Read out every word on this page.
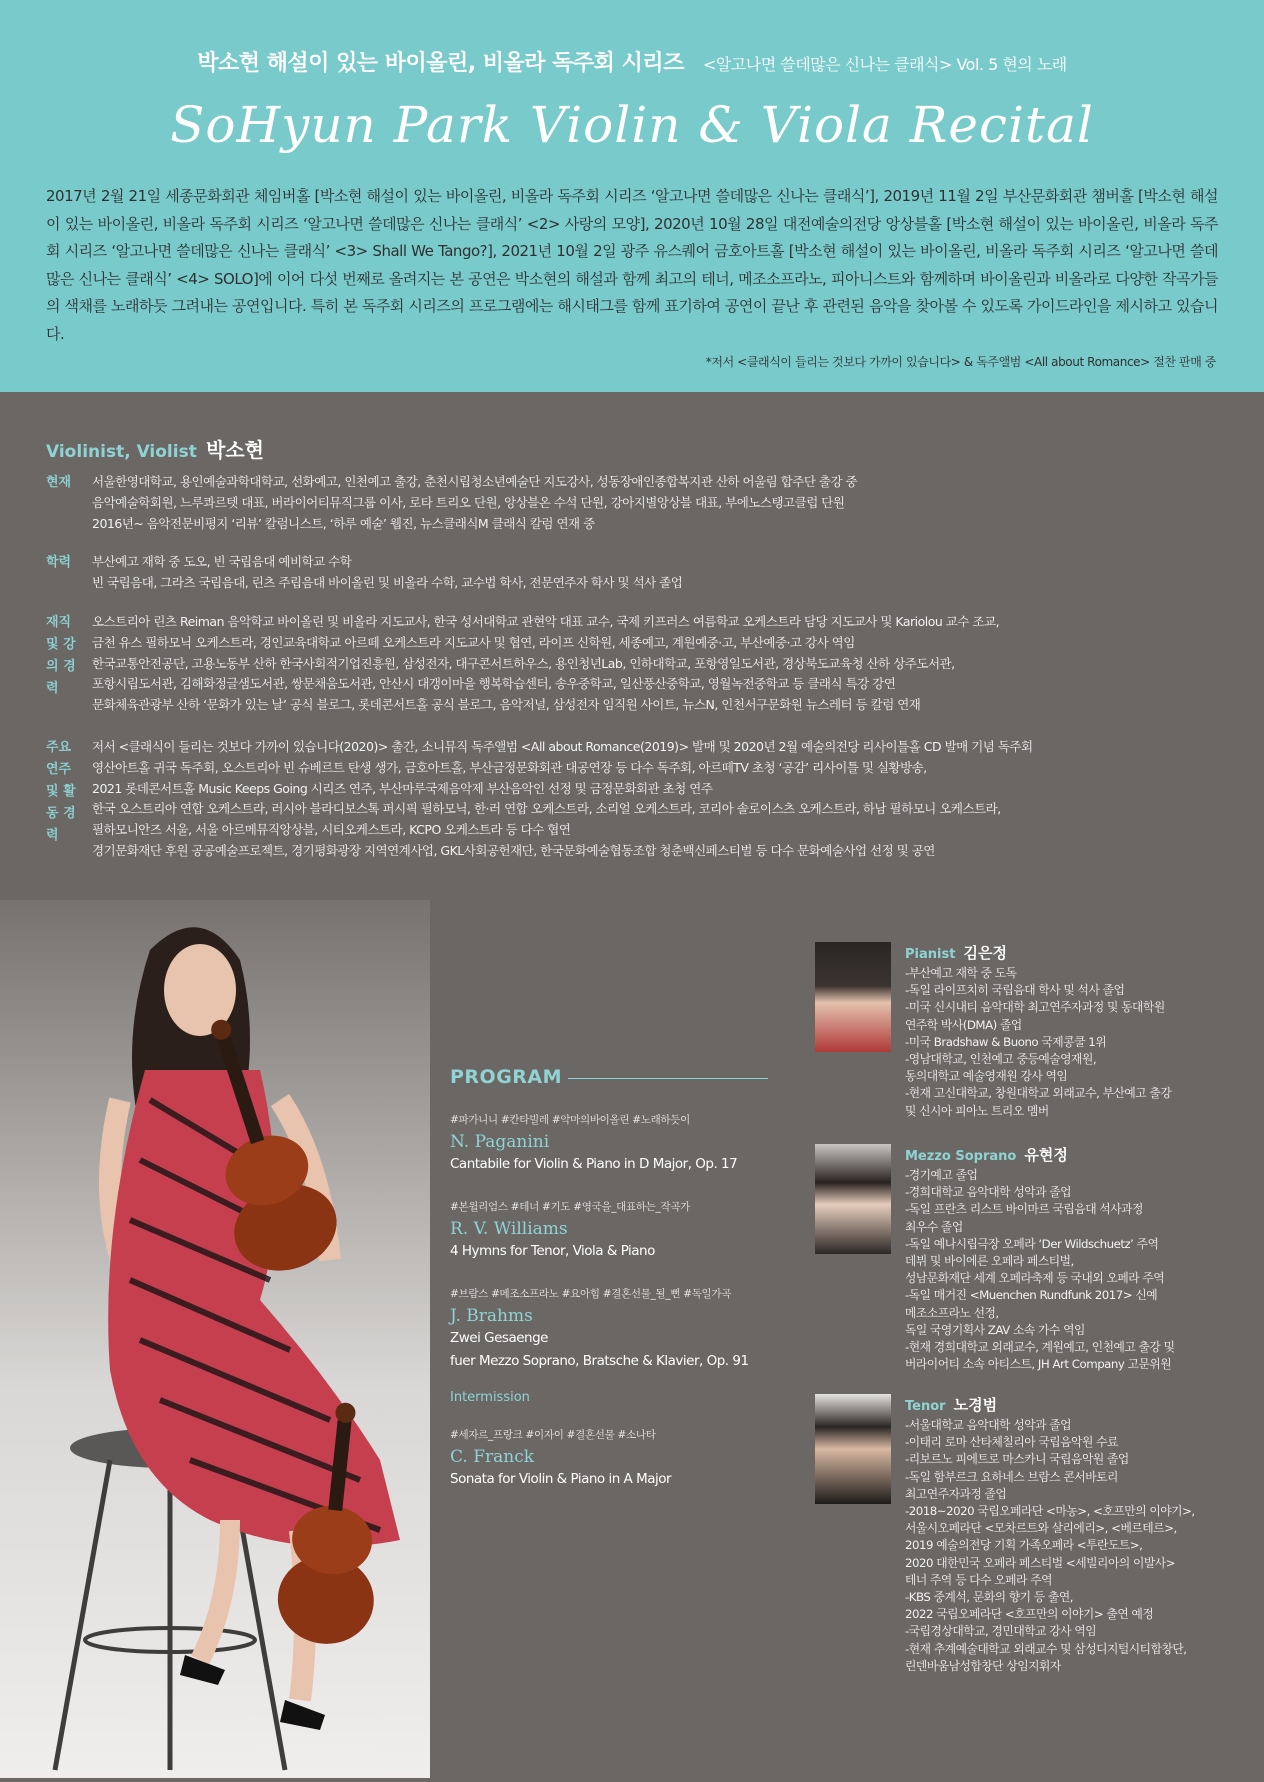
박소현 해설이 있는 바이올린, 비올라 독주회 시리즈 <알고나면 쓸데많은 신나는 클래식> Vol. 5 현의 노래
SoHyun Park Violin & Viola Recital
2017년 2월 21일 세종문화회관 체임버홀 [박소현 해설이 있는 바이올린, 비올라 독주회 시리즈 ‘알고나면 쓸데많은 신나는 클래식’], 2019년 11월 2일 부산문화회관 챔버홀 [박소현 해설이 있는 바이올린, 비올라 독주회 시리즈 ‘알고나면 쓸데많은 신나는 클래식’ <2> 사랑의 모양], 2020년 10월 28일 대전예술의전당 앙상블홀 [박소현 해설이 있는 바이올린, 비올라 독주회 시리즈 ‘알고나면 쓸데많은 신나는 클래식’ <3> Shall We Tango?], 2021년 10월 2일 광주 유스퀘어 금호아트홀 [박소현 해설이 있는 바이올린, 비올라 독주회 시리즈 ‘알고나면 쓸데많은 신나는 클래식’ <4> SOLO]에 이어 다섯 번째로 올려지는 본 공연은 박소현의 해설과 함께 최고의 테너, 메조소프라노, 피아니스트와 함께하며 바이올린과 비올라로 다양한 작곡가들의 색채를 노래하듯 그려내는 공연입니다. 특히 본 독주회 시리즈의 프로그램에는 해시태그를 함께 표기하여 공연이 끝난 후 관련된 음악을 찾아볼 수 있도록 가이드라인을 제시하고 있습니다.
*저서 <클래식이 들리는 것보다 가까이 있습니다> & 독주앨범 <All about Romance> 절찬 판매 중
Violinist, Violist 박소현
현재	서울한영대학교, 용인예술과학대학교, 선화예고, 인천예고 출강, 춘천시립청소년예술단 지도강사, 성동장애인종합복지관 산하 어울림 합주단 출강 중
음악예술학회원, 느루콰르텟 대표, 버라이어티뮤직그룹 이사, 로타 트리오 단원, 앙상블온 수석 단원, 강아지별앙상블 대표, 부에노스탱고클럽 단원
2016년~ 음악전문비평지 ‘리뷰’ 칼럼니스트, ‘하루 예술’ 웹진, 뉴스클래식M 클래식 칼럼 연재 중
학력	부산예고 재학 중 도오, 빈 국립음대 예비학교 수학
빈 국립음대, 그라츠 국립음대, 린츠 주립음대 바이올린 및 비올라 수학, 교수법 학사, 전문연주자 학사 및 석사 졸업
재직 및 강의 경력
오스트리아 린츠 Reiman 음악학교 바이올린 및 비올라 지도교사, 한국 성서대학교 관현악 대표 교수, 국제 키프러스 여름학교 오케스트라 담당 지도교사 및 Kariolou 교수 조교,
금천 유스 필하모닉 오케스트라, 경인교육대학교 아르떼 오케스트라 지도교사 및 협연, 라이프 신학원, 세종예고, 계원예중·고, 부산예중·고 강사 역임
한국교통안전공단, 고용노동부 산하 한국사회적기업진흥원, 삼성전자, 대구콘서트하우스, 용인청년Lab, 인하대학교, 포항영일도서관, 경상북도교육청 산하 상주도서관,
포항시립도서관, 김해화정글샘도서관, 쌍문채움도서관, 안산시 대갱이마을 행복학습센터, 송우중학교, 일산풍산중학교, 영월녹전중학교 등 클래식 특강 강연
문화체육관광부 산하 ‘문화가 있는 날’ 공식 블로그, 롯데콘서트홀 공식 블로그, 음악저널, 삼성전자 임직원 사이트, 뉴스N, 인천서구문화원 뉴스레터 등 칼럼 연재
주요 연주 및 활동 경력
저서 <클래식이 들리는 것보다 가까이 있습니다(2020)> 출간, 소니뮤직 독주앨범 <All about Romance(2019)> 발매 및 2020년 2월 예술의전당 리사이틀홀 CD 발매 기념 독주회
영산아트홀 귀국 독주회, 오스트리아 빈 슈베르트 탄생 생가, 금호아트홀, 부산금정문화회관 대공연장 등 다수 독주회, 아르떼TV 초청 ‘공감’ 리사이틀 및 실황방송,
2021 롯데콘서트홀 Music Keeps Going 시리즈 연주, 부산마루국제음악제 부산음악인 선정 및 금정문화회관 초청 연주
한국 오스트리아 연합 오케스트라, 러시아 블라디보스톡 퍼시픽 필하모닉, 한·러 연합 오케스트라, 소리얼 오케스트라, 코리아 솔로이스츠 오케스트라, 하남 필하모니 오케스트라,
필하모니안즈 서울, 서울 아르메뮤직앙상블, 시티오케스트라, KCPO 오케스트라 등 다수 협연
경기문화재단 후원 공공예술프로젝트, 경기평화광장 지역연계사업, GKL사회공헌재단, 한국문화예술협동조합 청춘백신페스티벌 등 다수 문화예술사업 선정 및 공연
PROGRAM
#파가니니 #칸타빌레 #악마의바이올린 #노래하듯이
N. Paganini
Cantabile for Violin & Piano in D Major, Op. 17
#본윌리엄스 #테너 #기도 #영국을_대표하는_작곡가
R. V. Williams
4 Hymns for Tenor, Viola & Piano
#브람스 #메조소프라노 #요아힘 #결혼선물_될_뻔 #독일가곡
J. Brahms
Zwei Gesaenge
fuer Mezzo Soprano, Bratsche & Klavier, Op. 91
Intermission
#세자르_프랑크 #이자이 #결혼선물 #소나타
C. Franck
Sonata for Violin & Piano in A Major
Pianist 김은정
-부산예고 재학 중 도독
-독일 라이프치히 국립음대 학사 및 석사 졸업
-미국 신시내티 음악대학 최고연주자과정 및 동대학원
연주학 박사(DMA) 졸업
-미국 Bradshaw & Buono 국제콩쿨 1위
-영남대학교, 인천예고 중등예술영재원,
동의대학교 예술영재원 강사 역임
-현재 고신대학교, 창원대학교 외래교수, 부산예고 출강
및 신시아 피아노 트리오 멤버
Mezzo Soprano 유현정
-경기예고 졸업
-경희대학교 음악대학 성악과 졸업
-독일 프란츠 리스트 바이마르 국립음대 석사과정
최우수 졸업
-독일 예나시립극장 오페라 ‘Der Wildschuetz’ 주역
데뷔 및 바이에른 오페라 페스티벌,
성남문화재단 세계 오페라축제 등 국내외 오페라 주역
-독일 매거진 <Muenchen Rundfunk 2017> 신예
메조소프라노 선정,
독일 국영기획사 ZAV 소속 가수 역임
-현재 경희대학교 외래교수, 계원예고, 인천예고 출강 및
버라이어티 소속 아티스트, JH Art Company 고문위원
Tenor 노경범
-서울대학교 음악대학 성악과 졸업
-이태리 로마 산타체칠리아 국립음악원 수료
-리보르노 피에트로 마스카니 국립음악원 졸업
-독일 함부르크 요하네스 브람스 콘서바토리
최고연주자과정 졸업
-2018~2020 국립오페라단 <마농>, <호프만의 이야기>,
서울시오페라단 <모차르트와 살리에리>, <베르테르>,
2019 예술의전당 기획 가족오페라 <투란도트>,
2020 대한민국 오페라 페스티벌 <세빌리아의 이발사>
테너 주역 등 다수 오페라 주역
-KBS 중계석, 문화의 향기 등 출연,
2022 국립오페라단 <호프만의 이야기> 출연 예정
-국립경상대학교, 경민대학교 강사 역임
-현재 추계예술대학교 외래교수 및 삼성디지털시티합창단,
린덴바움남성합창단 상임지휘자
